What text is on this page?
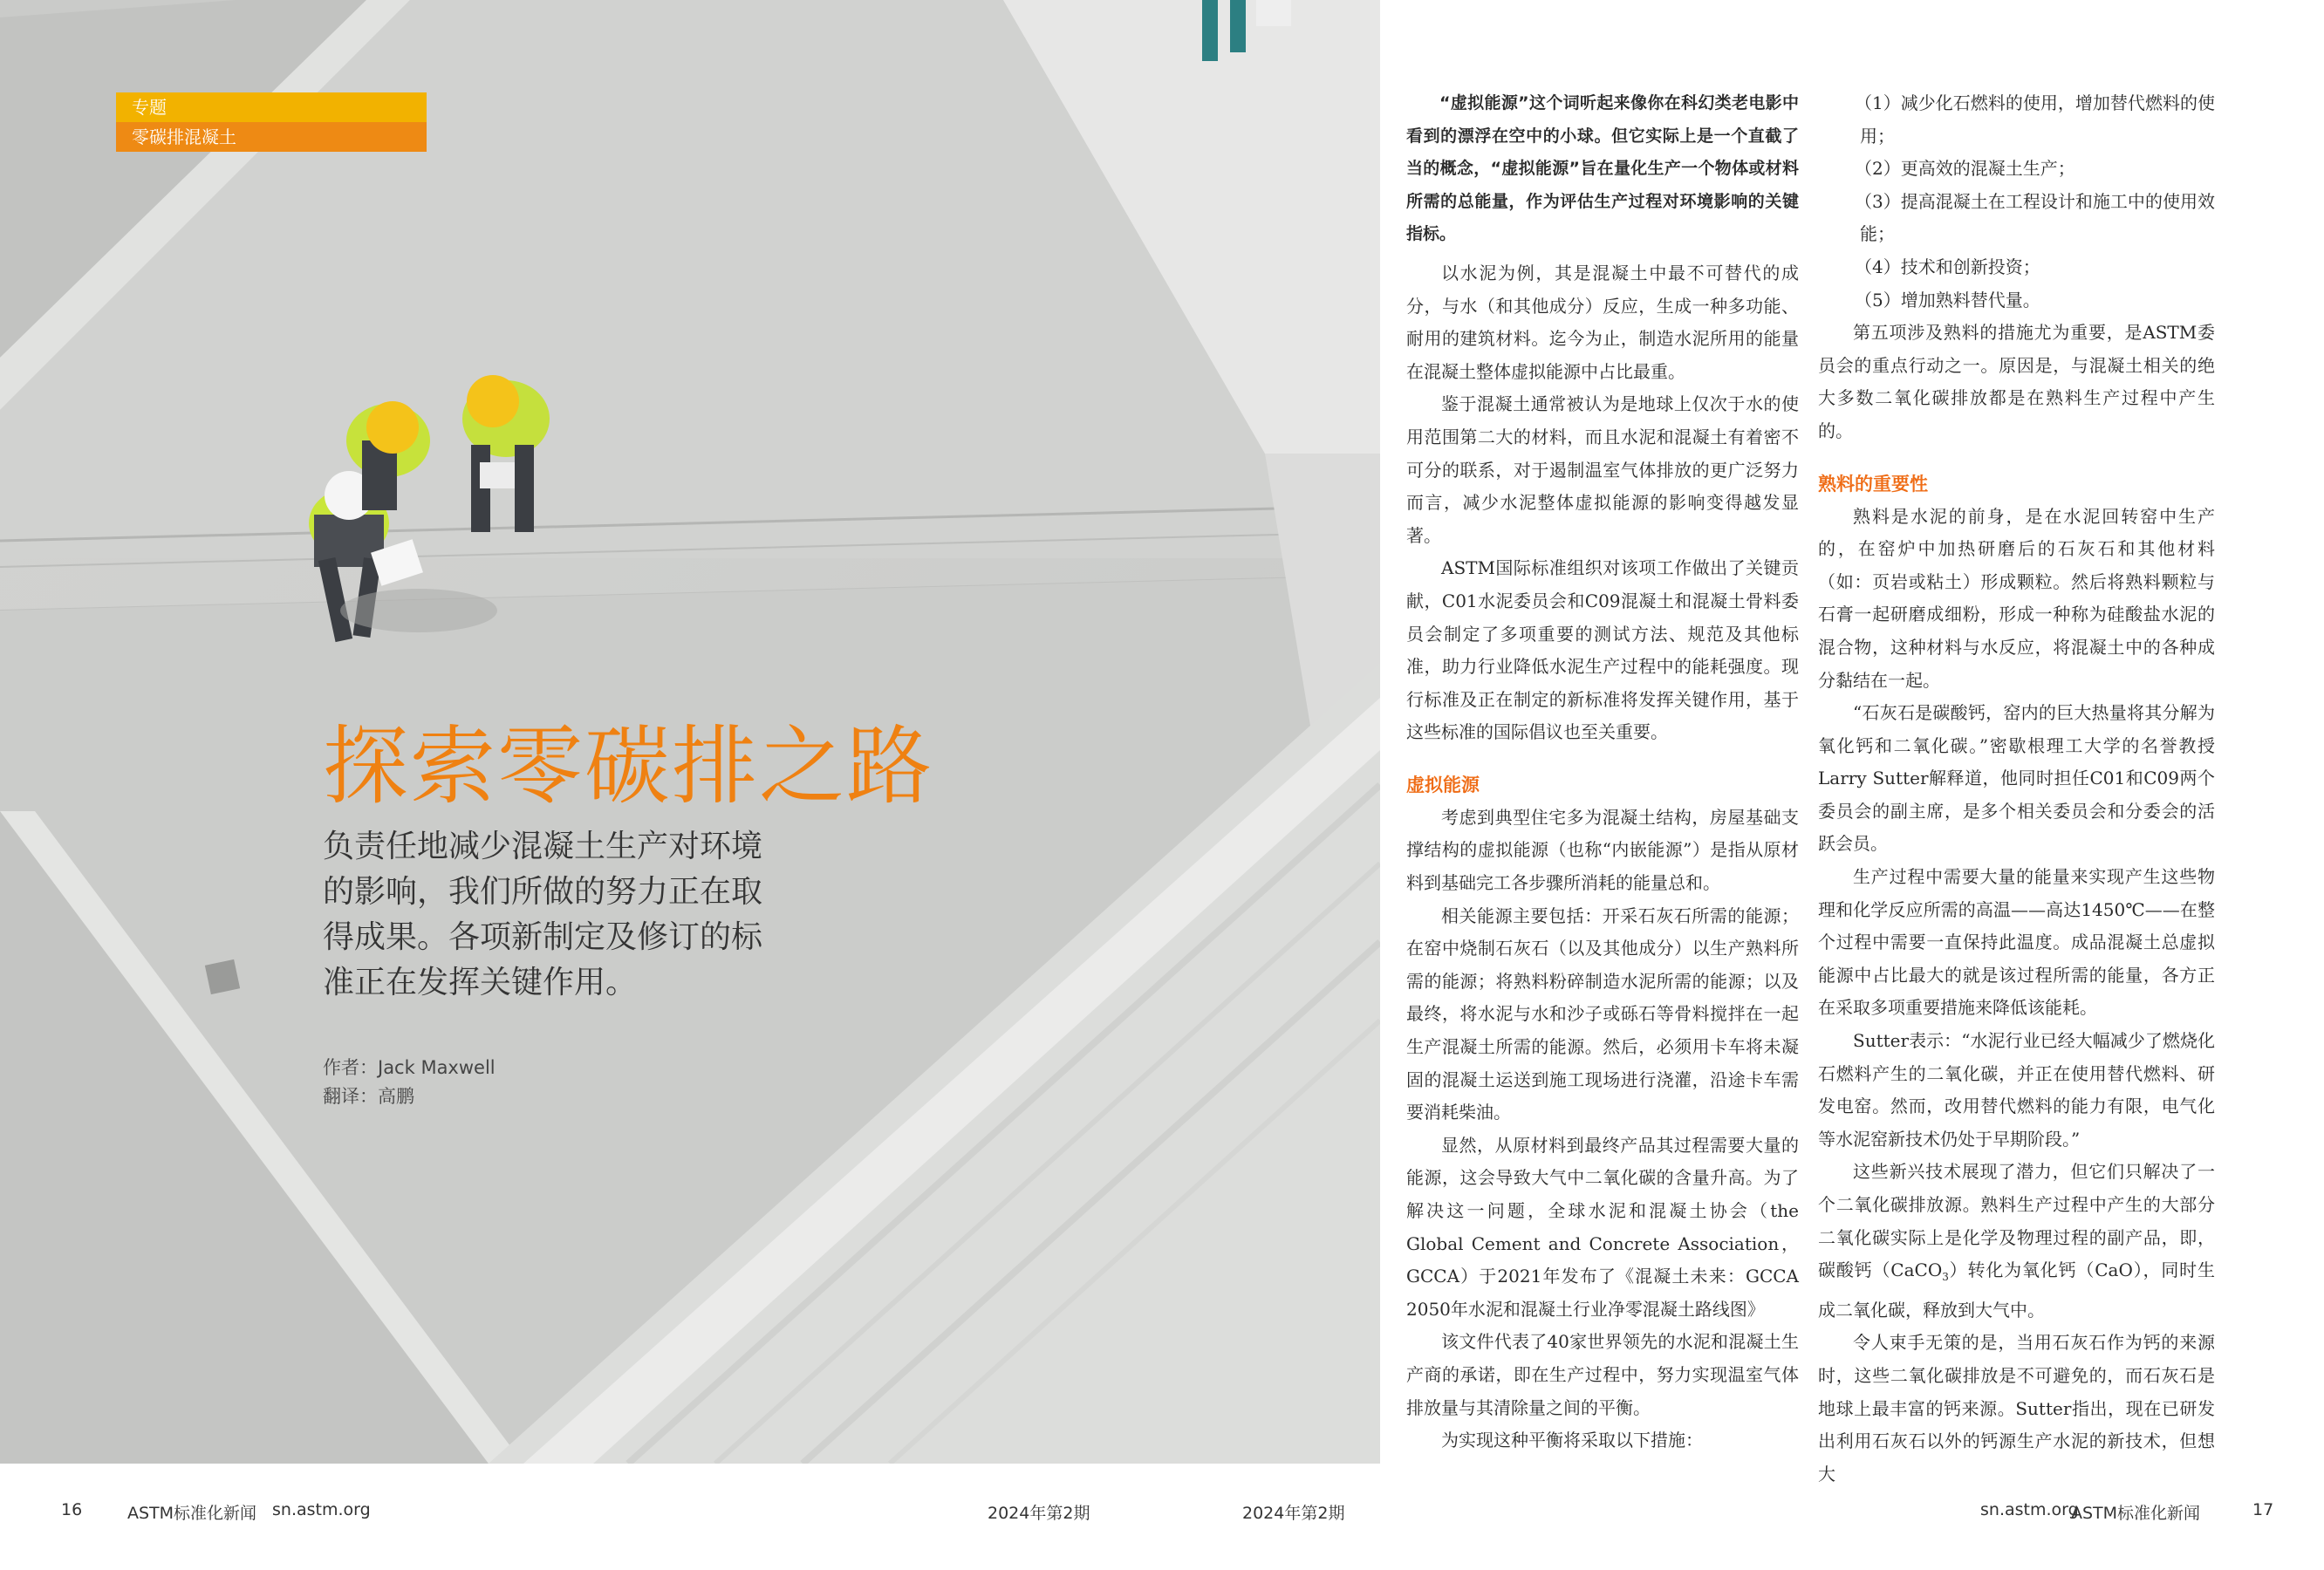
专题
零碳排混凝土
探索零碳排之路
负责任地减少混凝土生产对环境的影响，我们所做的努力正在取得成果。各项新制定及修订的标准正在发挥关键作用。
作者：Jack Maxwell
翻译：高鹏

“虚拟能源”这个词听起来像你在科幻类老电影中看到的漂浮在空中的小球。但它实际上是一个直截了当的概念，“虚拟能源”旨在量化生产一个物体或材料所需的总能量，作为评估生产过程对环境影响的关键指标。

以水泥为例，其是混凝土中最不可替代的成分，与水（和其他成分）反应，生成一种多功能、耐用的建筑材料。迄今为止，制造水泥所用的能量在混凝土整体虚拟能源中占比最重。

鉴于混凝土通常被认为是地球上仅次于水的使用范围第二大的材料，而且水泥和混凝土有着密不可分的联系，对于遏制温室气体排放的更广泛努力而言，减少水泥整体虚拟能源的影响变得越发显著。

ASTM国际标准组织对该项工作做出了关键贡献，C01水泥委员会和C09混凝土和混凝土骨料委员会制定了多项重要的测试方法、规范及其他标准，助力行业降低水泥生产过程中的能耗强度。现行标准及正在制定的新标准将发挥关键作用，基于这些标准的国际倡议也至关重要。

虚拟能源

考虑到典型住宅多为混凝土结构，房屋基础支撑结构的虚拟能源（也称“内嵌能源”）是指从原材料到基础完工各步骤所消耗的能量总和。

相关能源主要包括：开采石灰石所需的能源；在窑中烧制石灰石（以及其他成分）以生产熟料所需的能源；将熟料粉碎制造水泥所需的能源；以及最终，将水泥与水和沙子或砾石等骨料搅拌在一起生产混凝土所需的能源。然后，必须用卡车将未凝固的混凝土运送到施工现场进行浇灌，沿途卡车需要消耗柴油。

显然，从原材料到最终产品其过程需要大量的能源，这会导致大气中二氧化碳的含量升高。为了解决这一问题，全球水泥和混凝土协会（the Global Cement and Concrete Association，GCCA）于2021年发布了《混凝土未来：GCCA 2050年水泥和混凝土行业净零混凝土路线图》

该文件代表了40家世界领先的水泥和混凝土生产商的承诺，即在生产过程中，努力实现温室气体排放量与其清除量之间的平衡。

为实现这种平衡将采取以下措施：

（1）减少化石燃料的使用，增加替代燃料的使用；

（2）更高效的混凝土生产；

（3）提高混凝土在工程设计和施工中的使用效能；

（4）技术和创新投资；

（5）增加熟料替代量。

第五项涉及熟料的措施尤为重要，是ASTM委员会的重点行动之一。原因是，与混凝土相关的绝大多数二氧化碳排放都是在熟料生产过程中产生的。

熟料的重要性

熟料是水泥的前身，是在水泥回转窑中生产的，在窑炉中加热研磨后的石灰石和其他材料（如：页岩或粘土）形成颗粒。然后将熟料颗粒与石膏一起研磨成细粉，形成一种称为硅酸盐水泥的混合物，这种材料与水反应，将混凝土中的各种成分黏结在一起。

“石灰石是碳酸钙，窑内的巨大热量将其分解为氧化钙和二氧化碳。”密歇根理工大学的名誉教授Larry Sutter解释道，他同时担任C01和C09两个委员会的副主席，是多个相关委员会和分委会的活跃会员。

生产过程中需要大量的能量来实现产生这些物理和化学反应所需的高温——高达1450℃——在整个过程中需要一直保持此温度。成品混凝土总虚拟能源中占比最大的就是该过程所需的能量，各方正在采取多项重要措施来降低该能耗。

Sutter表示：“水泥行业已经大幅减少了燃烧化石燃料产生的二氧化碳，并正在使用替代燃料、研发电窑。然而，改用替代燃料的能力有限，电气化等水泥窑新技术仍处于早期阶段。”

这些新兴技术展现了潜力，但它们只解决了一个二氧化碳排放源。熟料生产过程中产生的大部分二氧化碳实际上是化学及物理过程的副产品，即，碳酸钙（CaCO$_3$）转化为氧化钙（CaO），同时生成二氧化碳，释放到大气中。

令人束手无策的是，当用石灰石作为钙的来源时，这些二氧化碳排放是不可避免的，而石灰石是地球上最丰富的钙来源。Sutter指出，现在已研发出利用石灰石以外的钙源生产水泥的新技术，但想大

16	ASTM标准化新闻 sn.astm.org	2024年第2期	2024年第2期	sn.astm.org
ASTM标准化新闻	17
